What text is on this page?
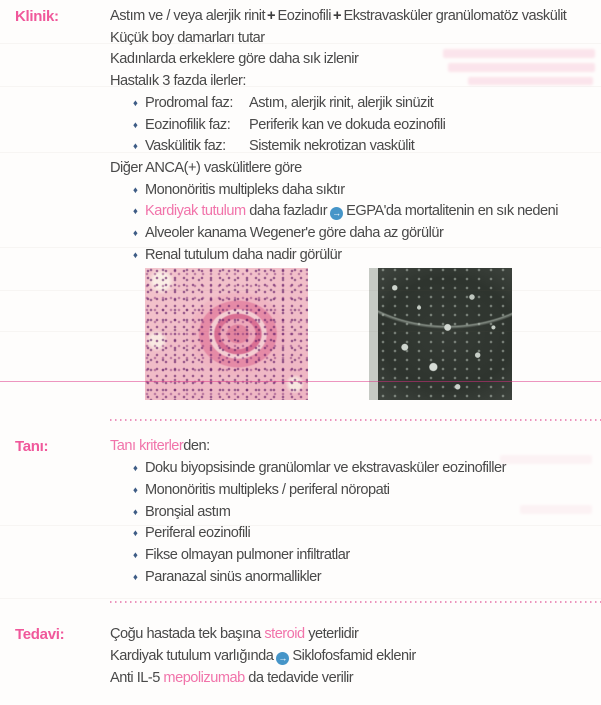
Klinik:	Astım ve / veya alerjik rinit + Eozinofili + Ekstravasküler granülomatöz vaskülit
Küçük boy damarları tutar
Kadınlarda erkeklere göre daha sık izlenir
Hastalık 3 fazda ilerler:
♦ Prodromal faz: Astım, alerjik rinit, alerjik sinüzit
♦ Eozinofilik faz: Periferik kan ve dokuda eozinofili
♦ Vaskülitik faz: Sistemik nekrotizan vaskülit
Diğer ANCA(+) vaskülitlere göre
♦ Mononöritis multipleks daha sıktır
♦ Kardiyak tutulum daha fazladır → EGPA'da mortalitenin en sık nedeni
♦ Alveoler kanama Wegener'e göre daha az görülür
♦ Renal tutulum daha nadir görülür
Tanı:	Tanı kriterlerden:
♦ Doku biyopsisinde granülomlar ve ekstravasküler eozinofiller
♦ Mononöritis multipleks / periferal nöropati
♦ Bronşial astım
♦ Periferal eozinofili
♦ Fikse olmayan pulmoner infiltratlar
♦ Paranazal sinüs anormallikler
Tedavi:	Çoğu hastada tek başına steroid yeterlidir
Kardiyak tutulum varlığında → Siklofosfamid eklenir
Anti IL-5 mepolizumab da tedavide verilir
